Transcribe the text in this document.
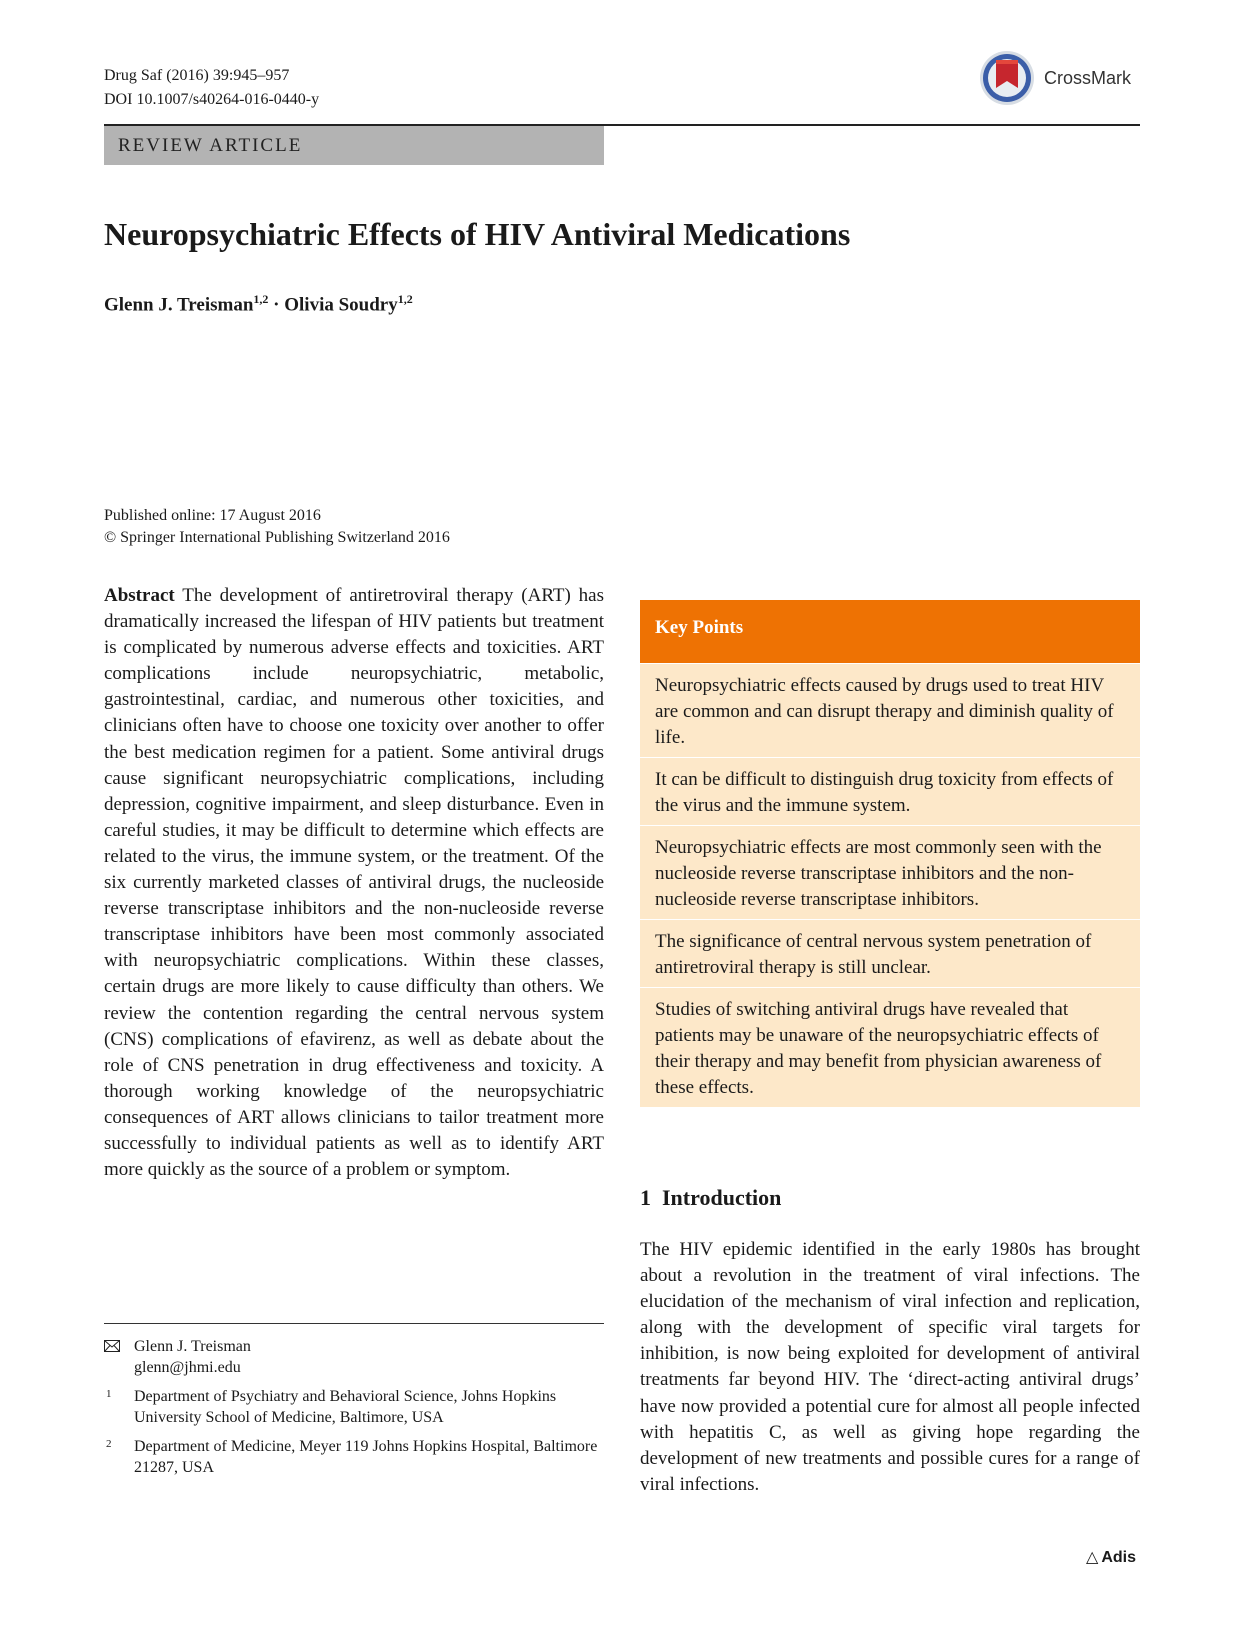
Drug Saf (2016) 39:945–957
DOI 10.1007/s40264-016-0440-y
CrossMark
REVIEW ARTICLE
Neuropsychiatric Effects of HIV Antiviral Medications
Glenn J. Treisman$^{1,2}$ · Olivia Soudry$^{1,2}$
Published online: 17 August 2016
© Springer International Publishing Switzerland 2016

Abstract The development of antiretroviral therapy (ART) has dramatically increased the lifespan of HIV patients but treatment is complicated by numerous adverse effects and toxicities. ART complications include neuropsychiatric, metabolic, gastrointestinal, cardiac, and numerous other toxicities, and clinicians often have to choose one toxicity over another to offer the best medication regimen for a patient. Some antiviral drugs cause significant neuropsychiatric complications, including depression, cognitive impairment, and sleep disturbance. Even in careful studies, it may be difficult to determine which effects are related to the virus, the immune system, or the treatment. Of the six currently marketed classes of antiviral drugs, the nucleoside reverse transcriptase inhibitors and the non-nucleoside reverse transcriptase inhibitors have been most commonly associated with neuropsychiatric complications. Within these classes, certain drugs are more likely to cause difficulty than others. We review the contention regarding the central nervous system (CNS) complications of efavirenz, as well as debate about the role of CNS penetration in drug effectiveness and toxicity. A thorough working knowledge of the neuropsychiatric consequences of ART allows clinicians to tailor treatment more successfully to individual patients as well as to identify ART more quickly as the source of a problem or symptom.

Glenn J. Treisman
glenn@jhmi.edu
1 Department of Psychiatry and Behavioral Science, Johns Hopkins University School of Medicine, Baltimore, USA
2 Department of Medicine, Meyer 119 Johns Hopkins Hospital, Baltimore 21287, USA
Key Points
Neuropsychiatric effects caused by drugs used to treat HIV are common and can disrupt therapy and diminish quality of life.
It can be difficult to distinguish drug toxicity from effects of the virus and the immune system.
Neuropsychiatric effects are most commonly seen with the nucleoside reverse transcriptase inhibitors and the non-nucleoside reverse transcriptase inhibitors.
The significance of central nervous system penetration of antiretroviral therapy is still unclear.
Studies of switching antiviral drugs have revealed that patients may be unaware of the neuropsychiatric effects of their therapy and may benefit from physician awareness of these effects.
1 Introduction

The HIV epidemic identified in the early 1980s has brought about a revolution in the treatment of viral infections. The elucidation of the mechanism of viral infection and replication, along with the development of specific viral targets for inhibition, is now being exploited for development of antiviral treatments far beyond HIV. The ‘direct-acting antiviral drugs’ have now provided a potential cure for almost all people infected with hepatitis C, as well as giving hope regarding the development of new treatments and possible cures for a range of viral infections.

△ Adis
